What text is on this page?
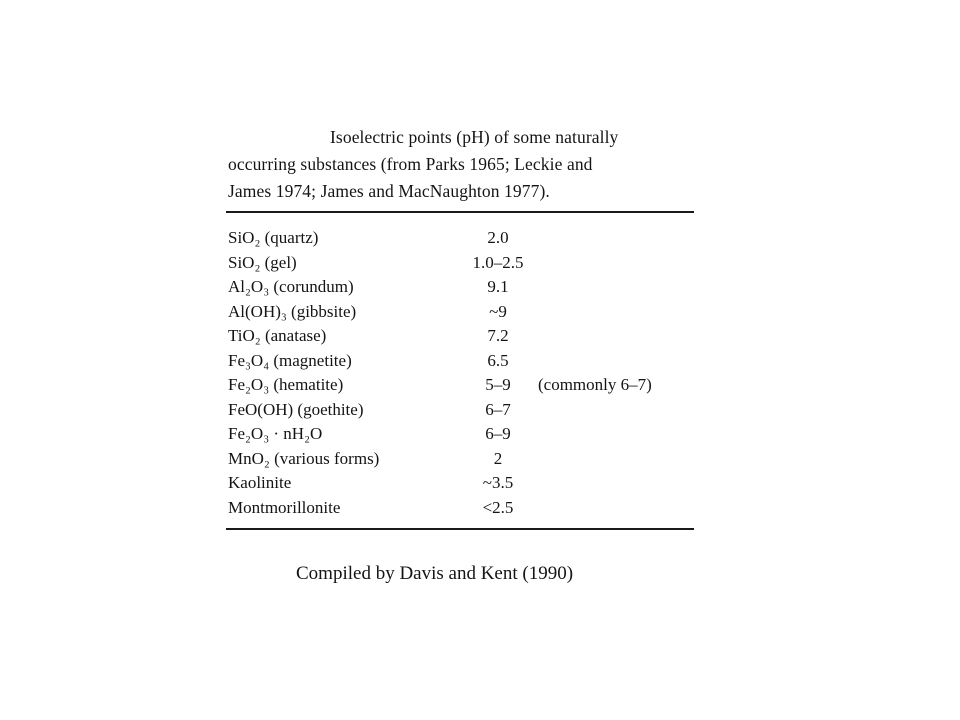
Isoelectric points (pH) of some naturally
occurring substances (from Parks 1965; Leckie and
James 1974; James and MacNaughton 1977).
SiO₂ (quartz)	2.0
SiO₂ (gel)	1.0–2.5
Al₂O₃ (corundum)	9.1
Al(OH)₃ (gibbsite)	~9
TiO₂ (anatase)	7.2
Fe₃O₄ (magnetite)	6.5
Fe₂O₃ (hematite)	5–9	(commonly 6–7)
FeO(OH) (goethite)	6–7
Fe₂O₃ · nH₂O	6–9
MnO₂ (various forms)	2
Kaolinite	~3.5
Montmorillonite	<2.5
Compiled by Davis and Kent (1990)
